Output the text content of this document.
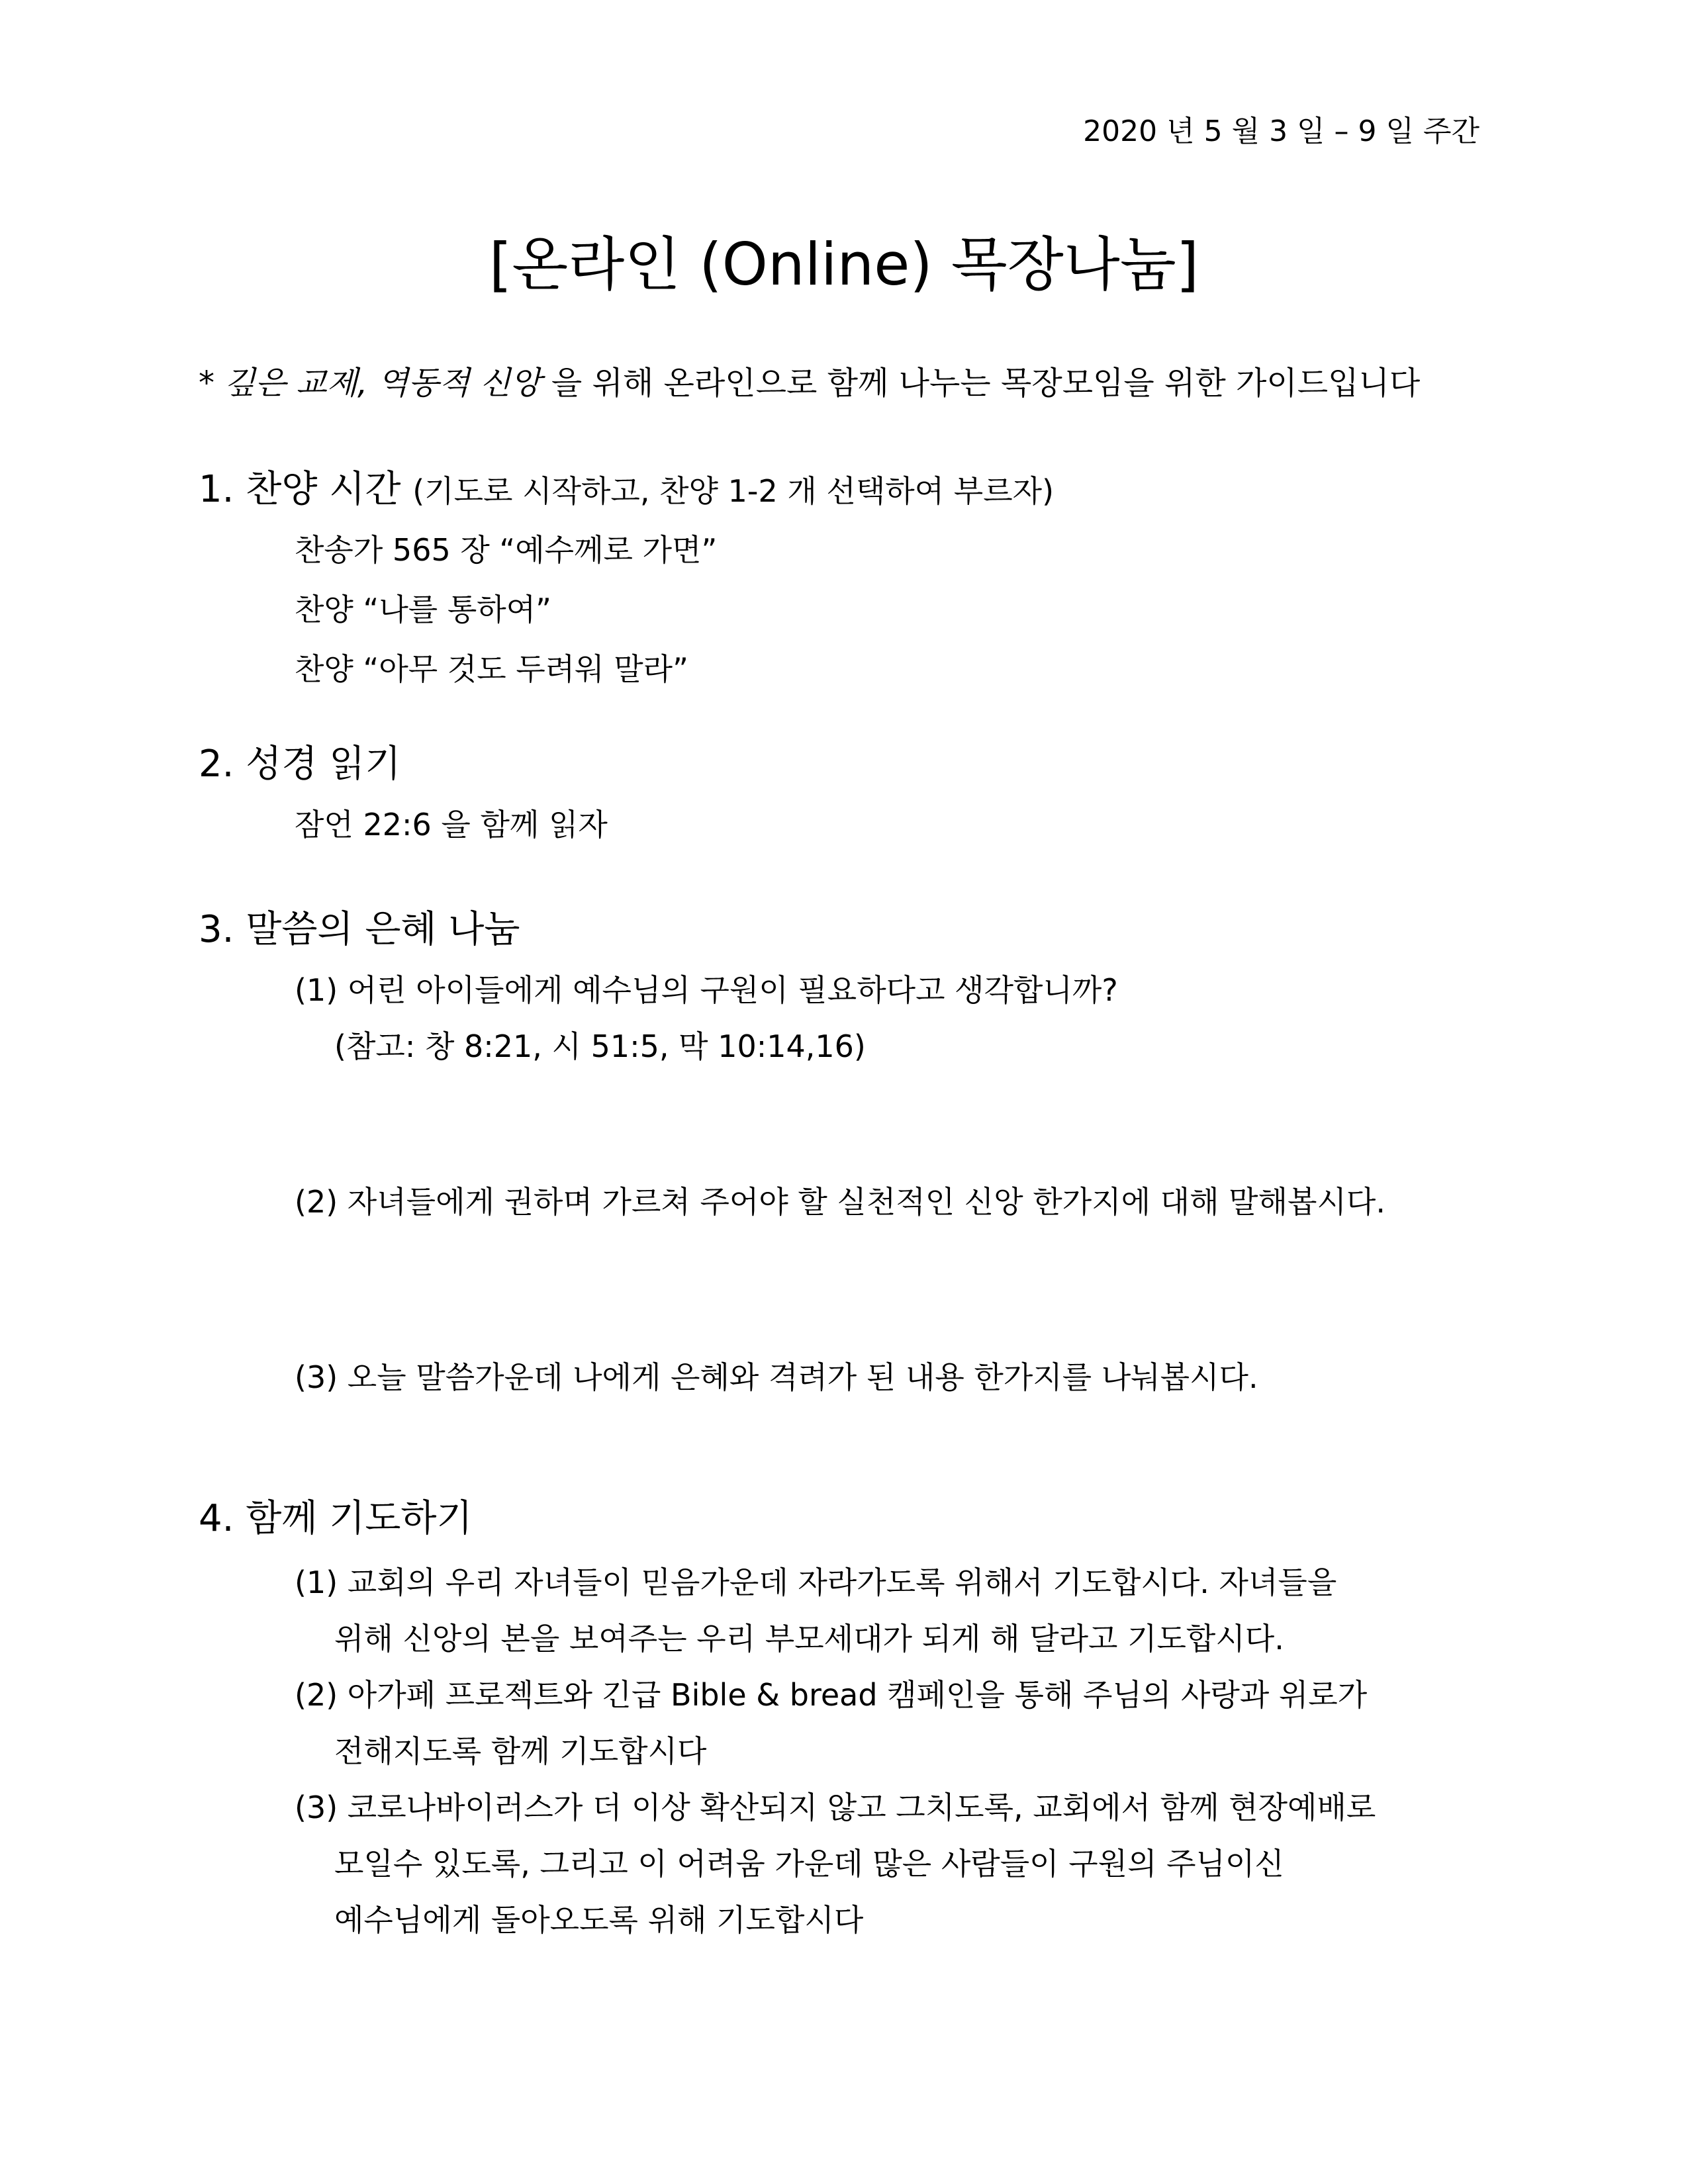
2020 년 5 월 3 일 – 9 일 주간
[온라인 (Online) 목장나눔]
* 깊은 교제, 역동적 신앙 을 위해 온라인으로 함께 나누는 목장모임을 위한 가이드입니다
1. 찬양 시간 (기도로 시작하고, 찬양 1-2 개 선택하여 부르자)
찬송가 565 장 “예수께로 가면”
찬양 “나를 통하여”
찬양 “아무 것도 두려워 말라”
2. 성경 읽기
잠언 22:6 을 함께 읽자
3. 말씀의 은혜 나눔
(1) 어린 아이들에게 예수님의 구원이 필요하다고 생각합니까?
(참고: 창 8:21, 시 51:5, 막 10:14,16)
(2) 자녀들에게 권하며 가르쳐 주어야 할 실천적인 신앙 한가지에 대해 말해봅시다.
(3) 오늘 말씀가운데 나에게 은혜와 격려가 된 내용 한가지를 나눠봅시다.
4. 함께 기도하기
(1) 교회의 우리 자녀들이 믿음가운데 자라가도록 위해서 기도합시다. 자녀들을
위해 신앙의 본을 보여주는 우리 부모세대가 되게 해 달라고 기도합시다.
(2) 아가페 프로젝트와 긴급 Bible & bread 캠페인을 통해 주님의 사랑과 위로가
전해지도록 함께 기도합시다
(3) 코로나바이러스가 더 이상 확산되지 않고 그치도록, 교회에서 함께 현장예배로
모일수 있도록, 그리고 이 어려움 가운데 많은 사람들이 구원의 주님이신
예수님에게 돌아오도록 위해 기도합시다
